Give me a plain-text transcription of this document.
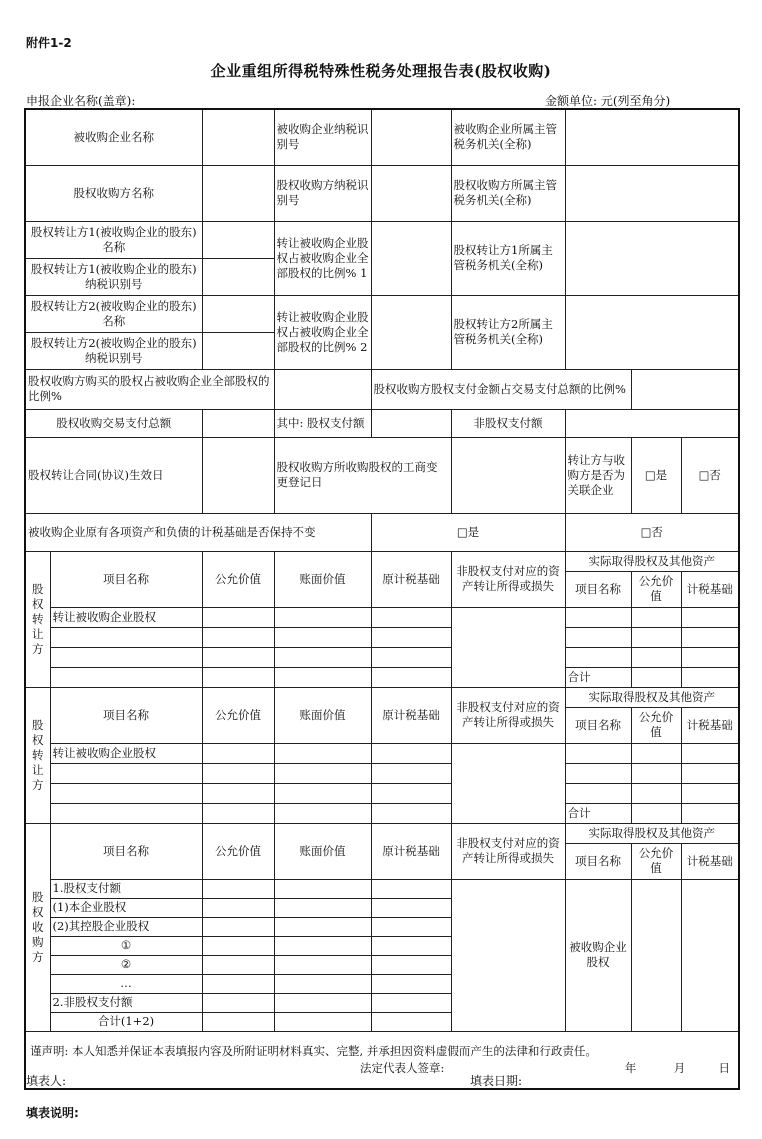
附件1-2
企业重组所得税特殊性税务处理报告表(股权收购)
申报企业名称(盖章):	金额单位: 元(列至角分)
被收购企业名称			被收购企业纳税识别号		被收购企业所属主管税务机关(全称)			
股权收购方名称			股权收购方纳税识别号		股权收购方所属主管税务机关(全称)			
股权转让方1(被收购企业的股东)名称			转让被收购企业股权占被收购企业全部股权的比例% 1		股权转让方1所属主管税务机关(全称)			
股权转让方1(被收购企业的股东)纳税识别号								
股权转让方2(被收购企业的股东)名称			转让被收购企业股权占被收购企业全部股权的比例% 2		股权转让方2所属主管税务机关(全称)			
股权转让方2(被收购企业的股东)纳税识别号								
股权收购方购买的股权占被收购企业全部股权的比例%				股权收购方股权支付金额占交易支付总额的比例%				
股权收购交易支付总额			其中: 股权支付额		非股权支付额			
股权转让合同(协议)生效日			股权收购方所收购股权的工商变更登记日			转让方与收购方是否为关联企业	□是	□否
被收购企业原有各项资产和负债的计税基础是否保持不变				□是		□否		
股权转让方	项目名称	公允价值	账面价值	原计税基础	非股权支付对应的资产转让所得或损失	实际取得股权及其他资产		
						项目名称	公允价值	计税基础
	转让被收购企业股权							

						合计		
股权转让方	项目名称	公允价值	账面价值	原计税基础	非股权支付对应的资产转让所得或损失	实际取得股权及其他资产		
						项目名称	公允价值	计税基础
	转让被收购企业股权							

						合计		
股权收购方	项目名称	公允价值	账面价值	原计税基础	非股权支付对应的资产转让所得或损失	实际取得股权及其他资产		
						项目名称	公允价值	计税基础
	1.股权支付额					被收购企业股权		
	(1)本企业股权							
	(2)其控股企业股权							
	①							
	②							
	…							
	2.非股权支付额							
	合计(1+2)							

谨声明: 本人知悉并保证本表填报内容及所附证明材料真实、完整, 并承担因资料虚假而产生的法律和行政责任。
法定代表人签章: 年 月 日								
填表人:	填表日期:
填表说明:
